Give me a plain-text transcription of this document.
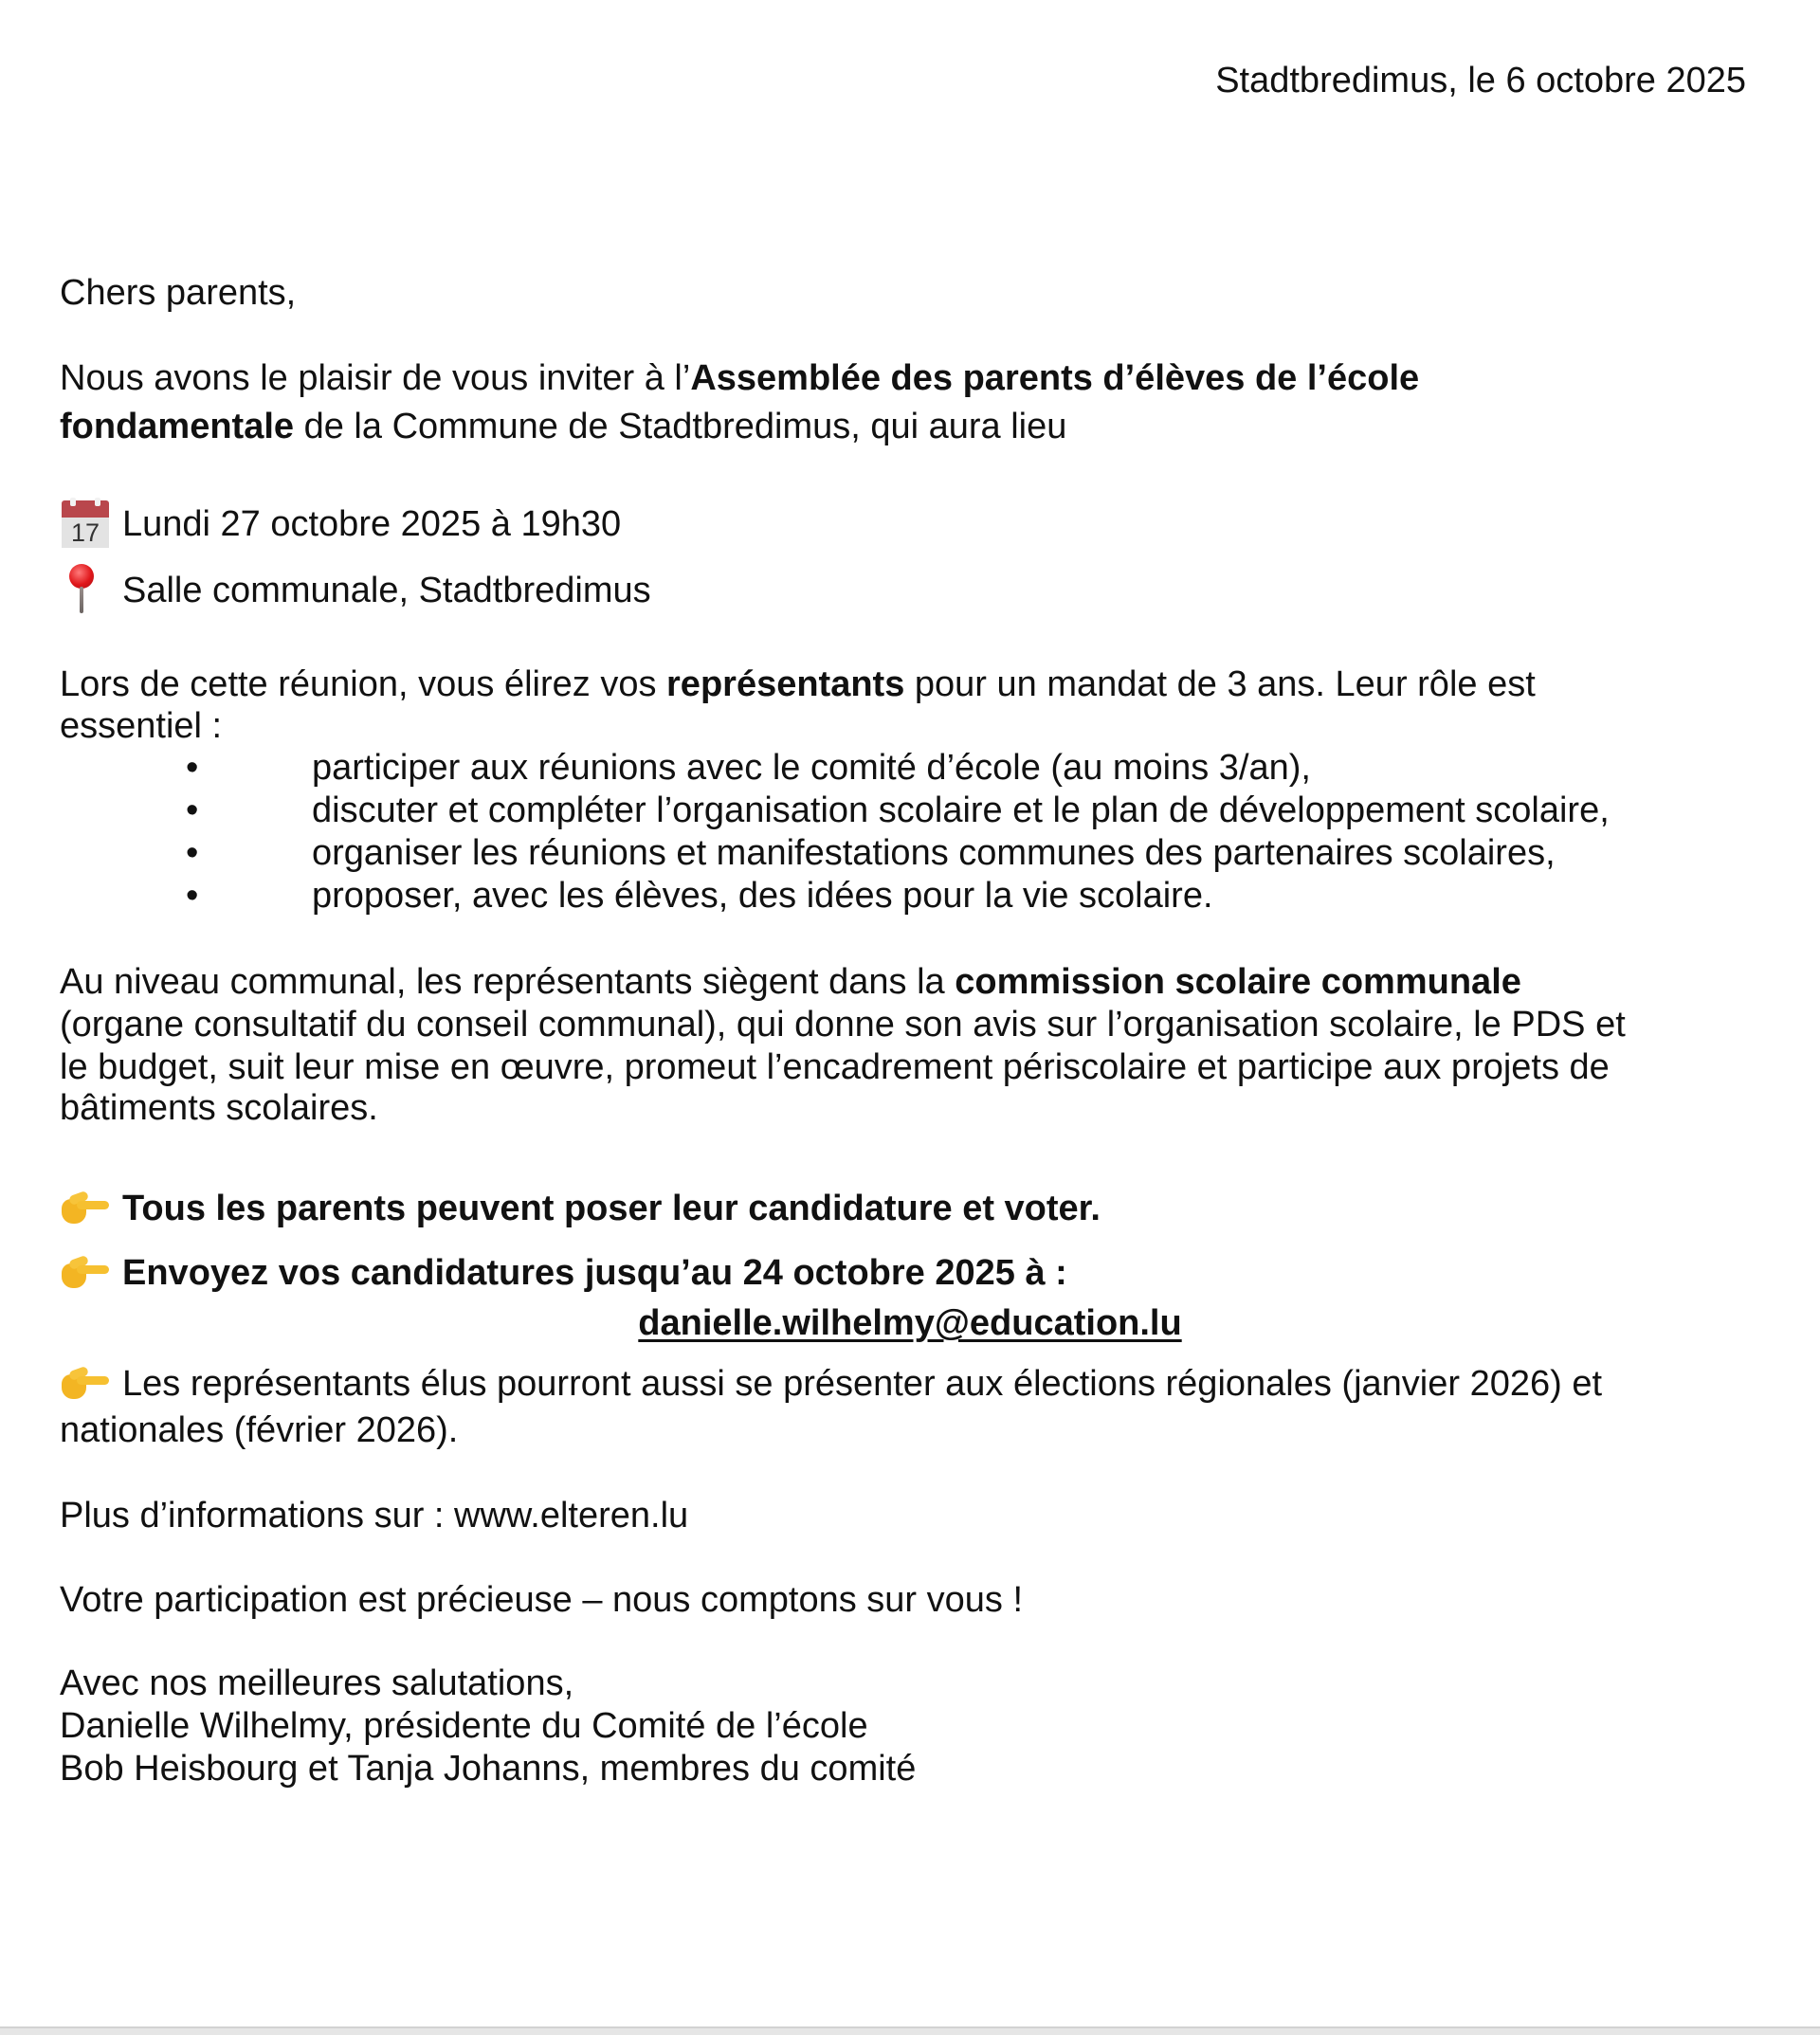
Stadtbredimus, le 6 octobre 2025
Chers parents,
Nous avons le plaisir de vous inviter à l’Assemblée des parents d’élèves de l’école
fondamentale de la Commune de Stadtbredimus, qui aura lieu
17 Lundi 27 octobre 2025 à 19h30
Salle communale, Stadtbredimus
Lors de cette réunion, vous élirez vos représentants pour un mandat de 3 ans. Leur rôle est
essentiel :
•	participer aux réunions avec le comité d’école (au moins 3/an),
•	discuter et compléter l’organisation scolaire et le plan de développement scolaire,
•	organiser les réunions et manifestations communes des partenaires scolaires,
•	proposer, avec les élèves, des idées pour la vie scolaire.
Au niveau communal, les représentants siègent dans la commission scolaire communale
(organe consultatif du conseil communal), qui donne son avis sur l’organisation scolaire, le PDS et
le budget, suit leur mise en œuvre, promeut l’encadrement périscolaire et participe aux projets de
bâtiments scolaires.
Tous les parents peuvent poser leur candidature et voter.
Envoyez vos candidatures jusqu’au 24 octobre 2025 à :
danielle.wilhelmy@education.lu
Les représentants élus pourront aussi se présenter aux élections régionales (janvier 2026) et
nationales (février 2026).
Plus d’informations sur : www.elteren.lu
Votre participation est précieuse – nous comptons sur vous !
Avec nos meilleures salutations,
Danielle Wilhelmy, présidente du Comité de l’école
Bob Heisbourg et Tanja Johanns, membres du comité
